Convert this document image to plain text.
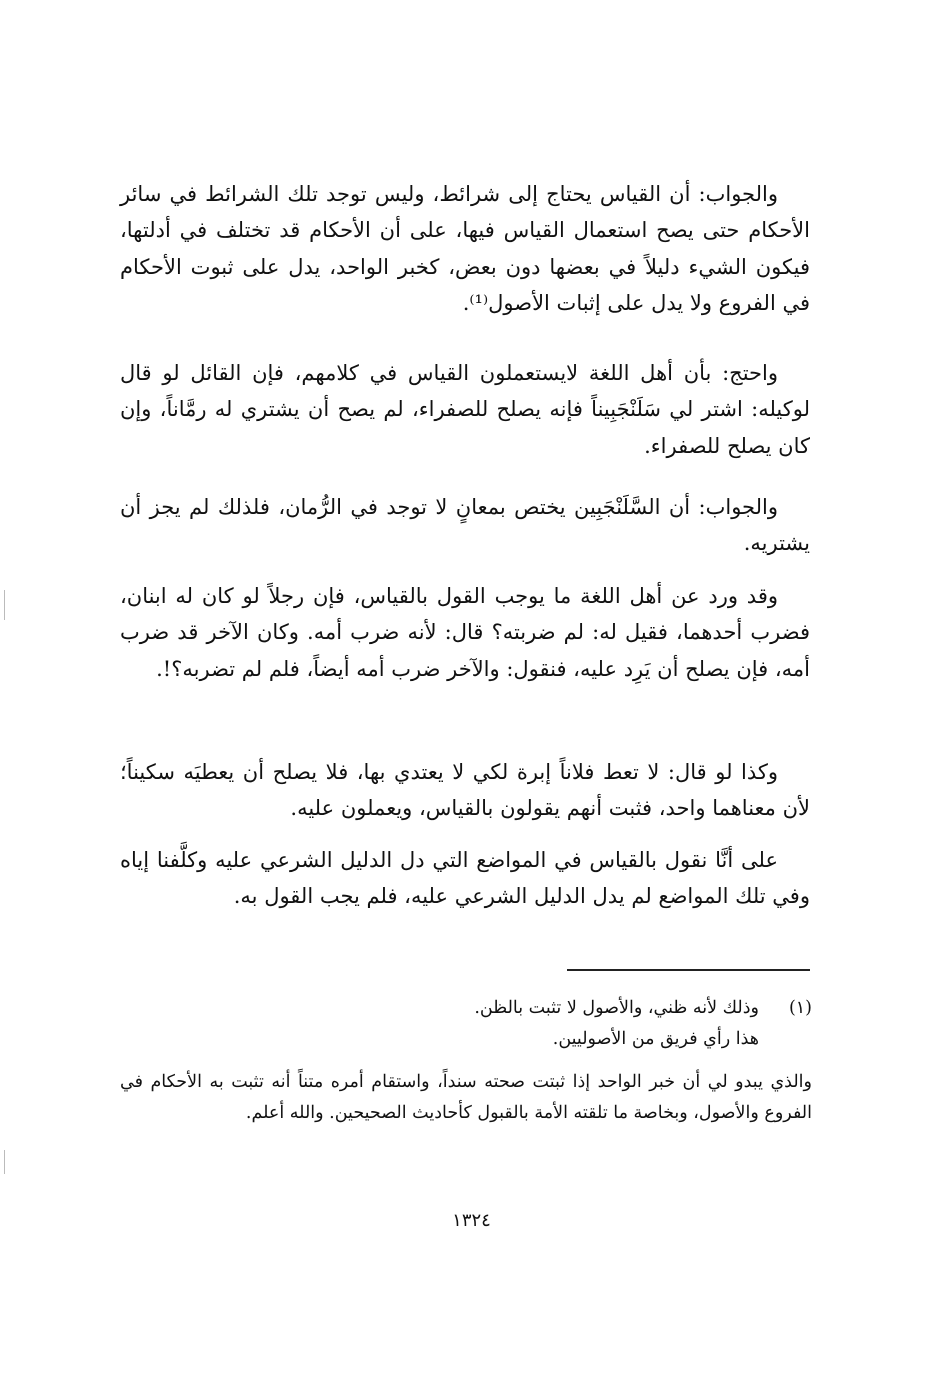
والجواب: أن القياس يحتاج إلى شرائط، وليس توجد تلك الشرائط في سائر الأحكام حتى يصح استعمال القياس فيها، على أن الأحكام قد تختلف في أدلتها، فيكون الشيء دليلاً في بعضها دون بعض، كخبر الواحد، يدل على ثبوت الأحكام في الفروع ولا يدل على إثبات الأصول⁽¹⁾.

واحتج: بأن أهل اللغة لايستعملون القياس في كلامهم، فإن القائل لو قال لوكيله: اشتر لي سَلَنْجَبِيناً فإنه يصلح للصفراء، لم يصح أن يشتري له رمَّاناً، وإن كان يصلح للصفراء.

والجواب: أن السَّلَنْجَبِين يختص بمعانٍ لا توجد في الرُّمان، فلذلك لم يجز أن يشتريه.

وقد ورد عن أهل اللغة ما يوجب القول بالقياس، فإن رجلاً لو كان له ابنان، فضرب أحدهما، فقيل له: لم ضربته؟ قال: لأنه ضرب أمه. وكان الآخر قد ضرب أمه، فإن يصلح أن يَرِد عليه، فنقول: والآخر ضرب أمه أيضاً، فلم لم تضربه؟!.

وكذا لو قال: لا تعط فلاناً إبرة لكي لا يعتدي بها، فلا يصلح أن يعطيَه سكيناً؛ لأن معناهما واحد، فثبت أنهم يقولون بالقياس، ويعملون عليه.

على أنَّا نقول بالقياس في المواضع التي دل الدليل الشرعي عليه وكلَّفنا إياه وفي تلك المواضع لم يدل الدليل الشرعي عليه، فلم يجب القول به.

(١)

وذلك لأنه ظني، والأصول لا تثبت بالظن.

هذا رأي فريق من الأصوليين.

والذي يبدو لي أن خبر الواحد إذا ثبتت صحته سنداً، واستقام أمره متناً أنه تثبت به الأحكام في الفروع والأصول، وبخاصة ما تلقته الأمة بالقبول كأحاديث الصحيحين. والله أعلم.

١٣٢٤
